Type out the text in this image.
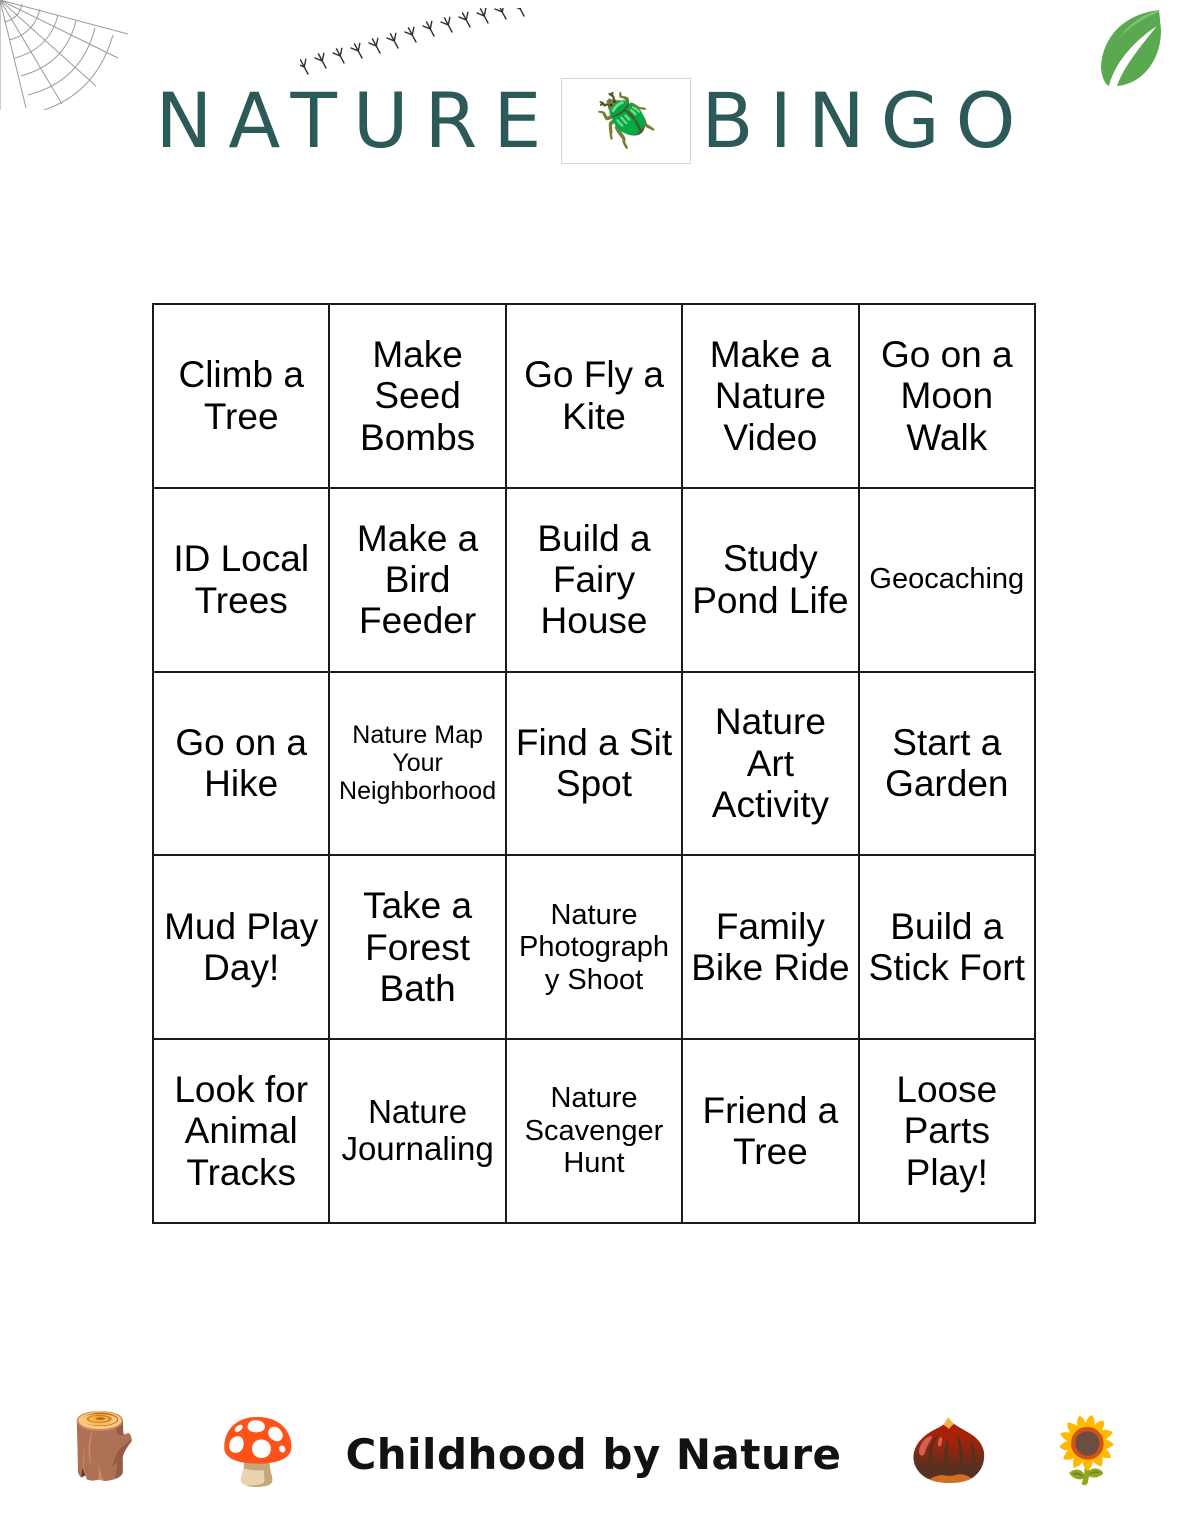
NATURE 🪲 BINGO
Climb a Tree
Make Seed Bombs
Go Fly a Kite
Make a Nature Video
Go on a Moon Walk
ID Local Trees
Make a Bird Feeder
Build a Fairy House
Study Pond Life
Geocaching
Go on a Hike
Nature Map Your Neighborhood
Find a Sit Spot
Nature Art Activity
Start a Garden
Mud Play Day!
Take a Forest Bath
Nature Photography Shoot
Family Bike Ride
Build a Stick Fort
Look for Animal Tracks
Nature Journaling
Nature Scavenger Hunt
Friend a Tree
Loose Parts Play!
🪵 🍄	Childhood by Nature	🌰 🌻
